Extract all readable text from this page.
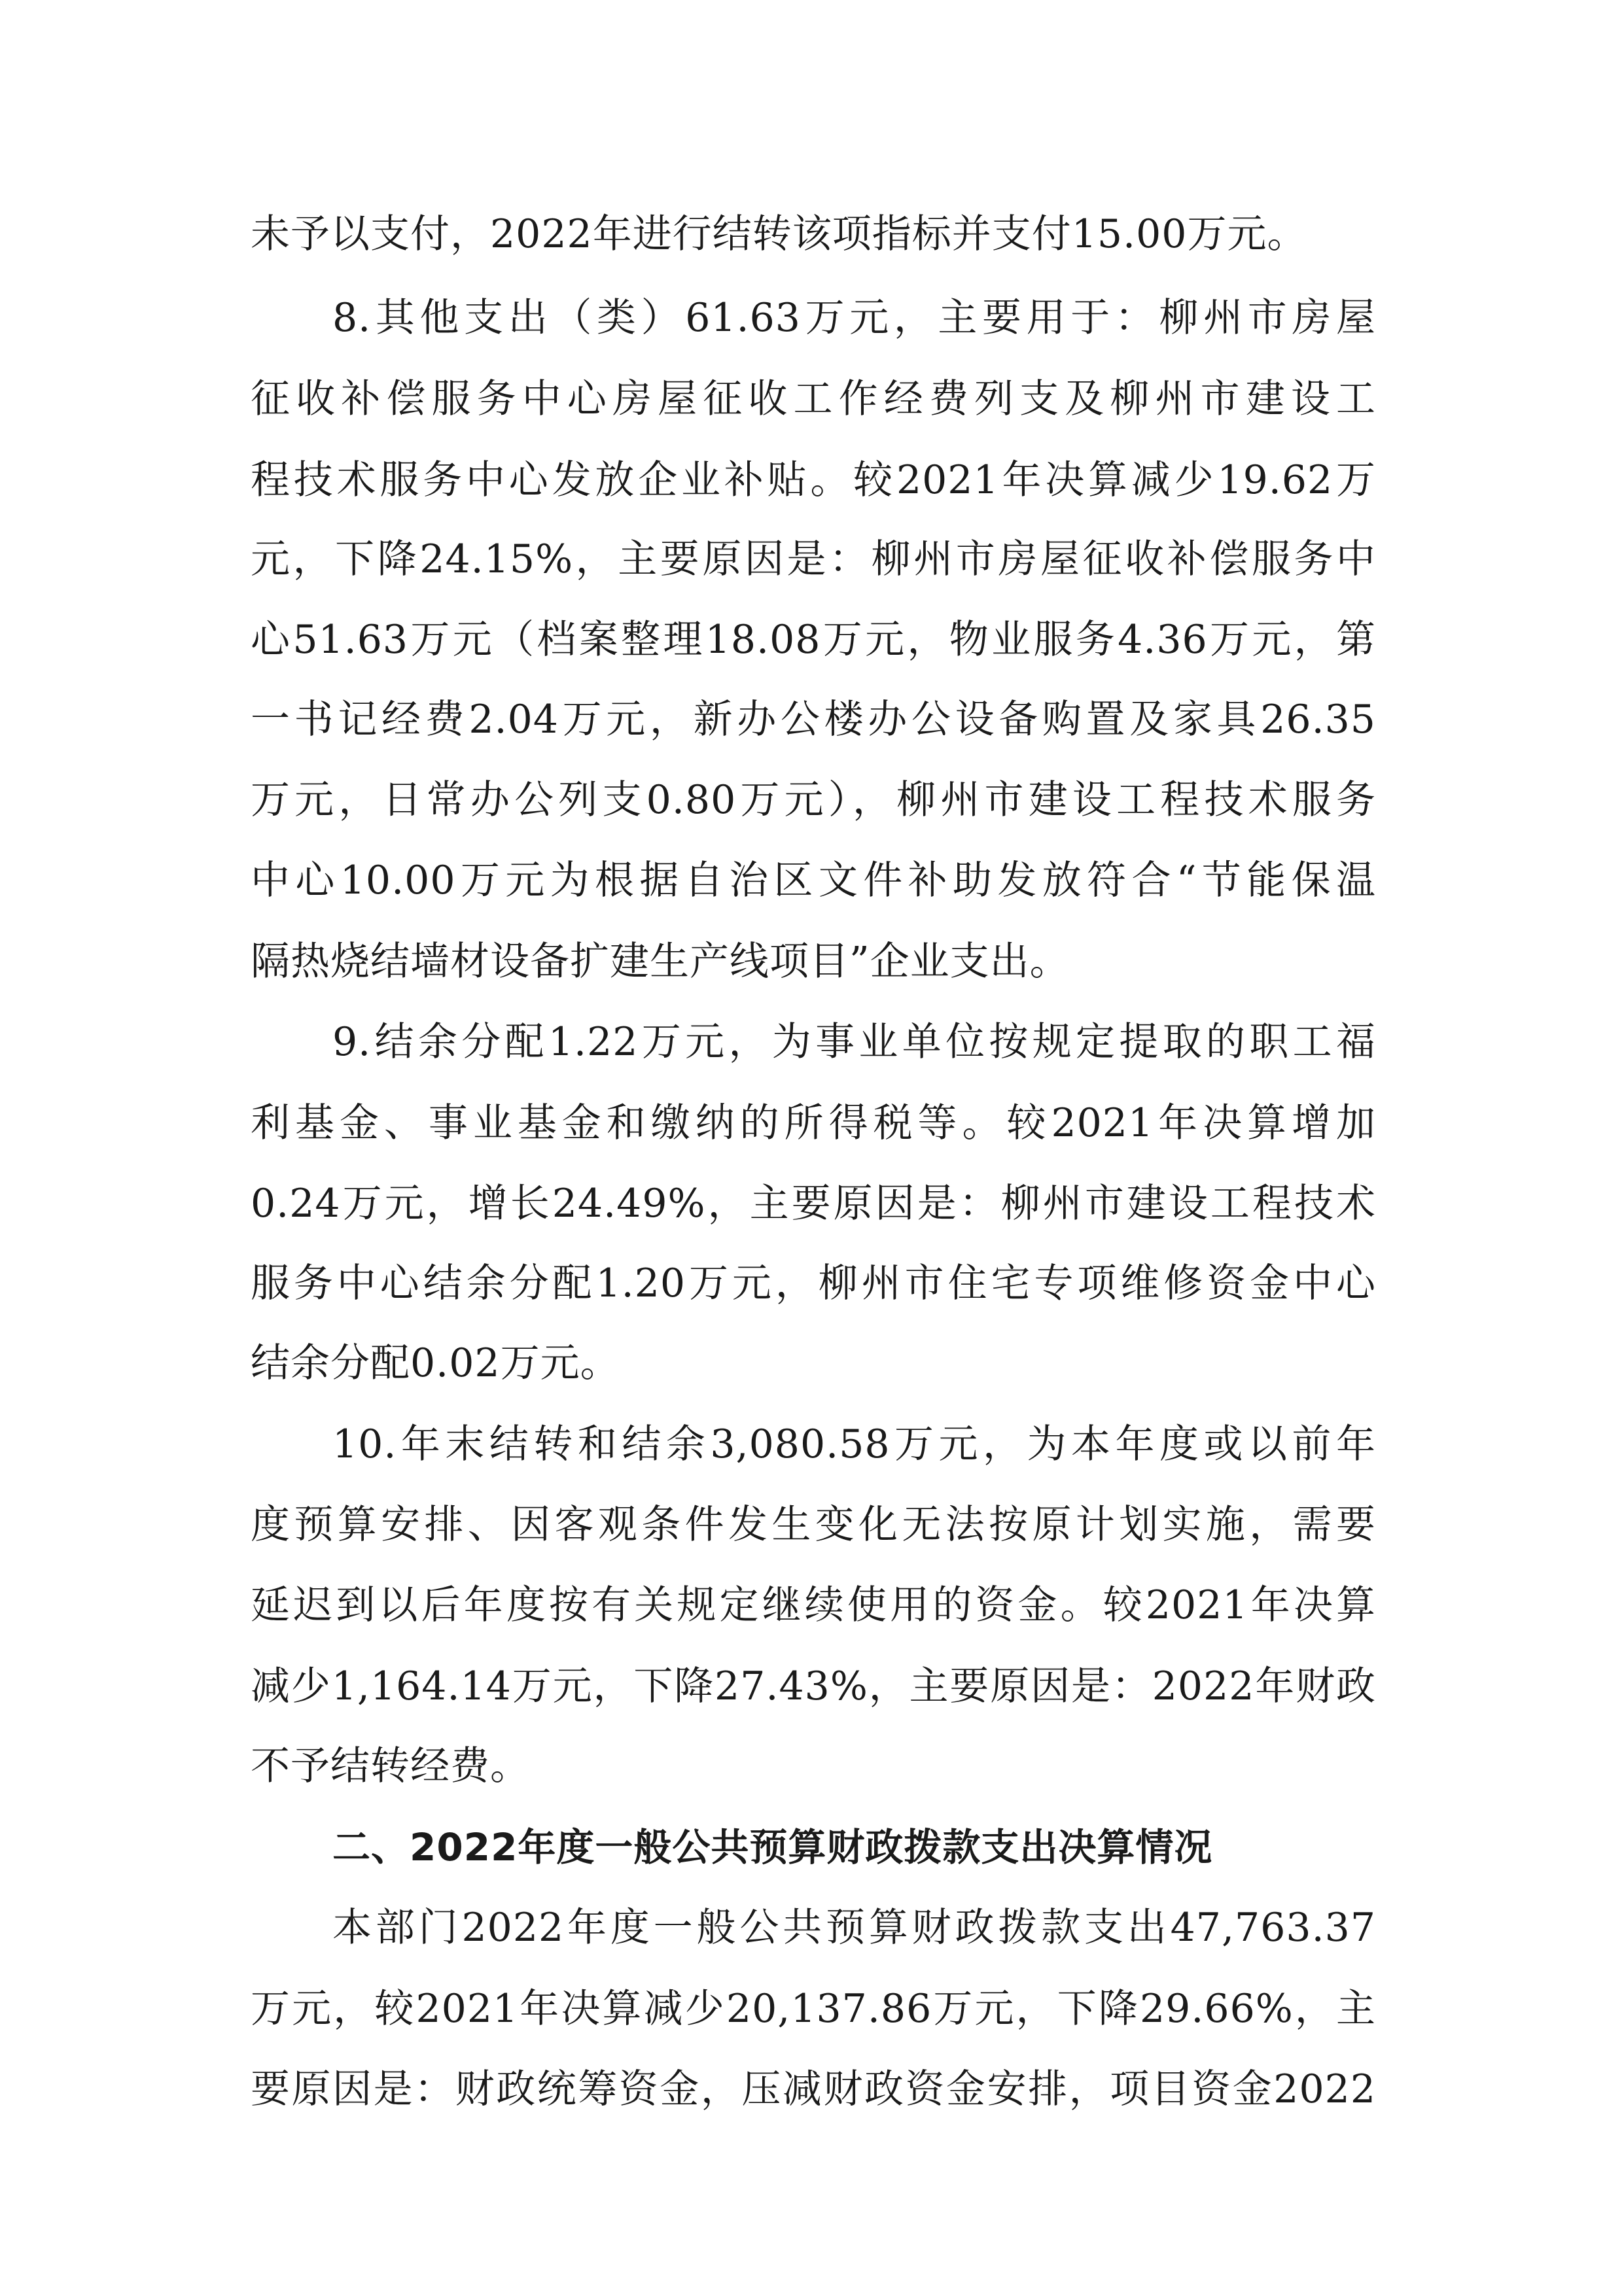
未予以支付，2022年进行结转该项指标并支付15.00万元。

8.其他支出（类）61.63万元，主要用于：柳州市房屋

征收补偿服务中心房屋征收工作经费列支及柳州市建设工

程技术服务中心发放企业补贴。较2021年决算减少19.62万

元，下降24.15%，主要原因是：柳州市房屋征收补偿服务中

心51.63万元（档案整理18.08万元，物业服务4.36万元，第

一书记经费2.04万元，新办公楼办公设备购置及家具26.35

万元，日常办公列支0.80万元），柳州市建设工程技术服务

中心10.00万元为根据自治区文件补助发放符合“节能保温

隔热烧结墙材设备扩建生产线项目”企业支出。

9.结余分配1.22万元，为事业单位按规定提取的职工福

利基金、事业基金和缴纳的所得税等。较2021年决算增加

0.24万元，增长24.49%，主要原因是：柳州市建设工程技术

服务中心结余分配1.20万元，柳州市住宅专项维修资金中心

结余分配0.02万元。

10.年末结转和结余3,080.58万元，为本年度或以前年

度预算安排、因客观条件发生变化无法按原计划实施，需要

延迟到以后年度按有关规定继续使用的资金。较2021年决算

减少1,164.14万元，下降27.43%，主要原因是：2022年财政

不予结转经费。

二、2022年度一般公共预算财政拨款支出决算情况

本部门2022年度一般公共预算财政拨款支出47,763.37

万元，较2021年决算减少20,137.86万元，下降29.66%，主

要原因是：财政统筹资金，压减财政资金安排，项目资金2022
